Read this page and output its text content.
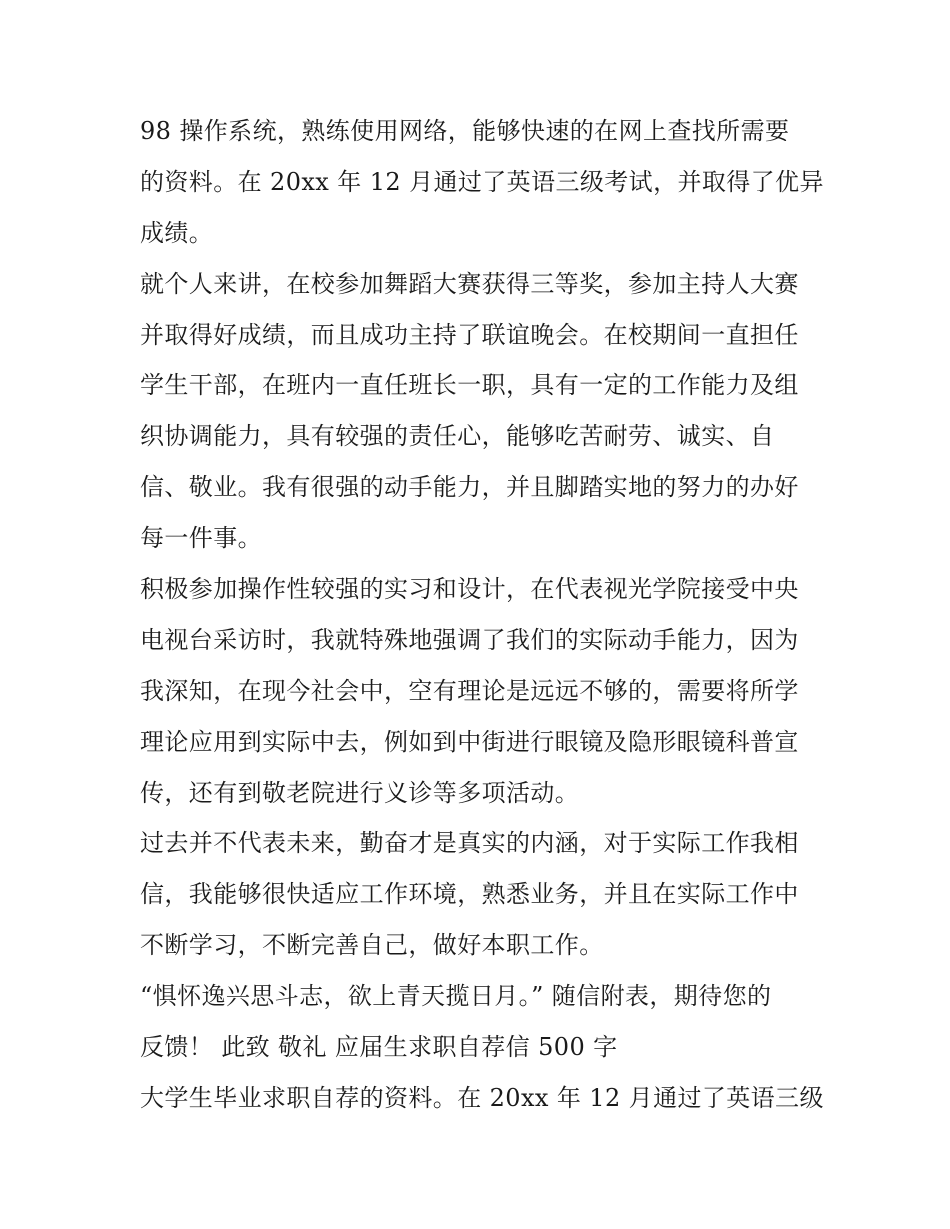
98 操作系统，熟练使用网络，能够快速的在网上查找所需要
的资料。在 20xx 年 12 月通过了英语三级考试，并取得了优异
成绩。
就个人来讲，在校参加舞蹈大赛获得三等奖，参加主持人大赛
并取得好成绩，而且成功主持了联谊晚会。在校期间一直担任
学生干部，在班内一直任班长一职，具有一定的工作能力及组
织协调能力，具有较强的责任心，能够吃苦耐劳、诚实、自
信、敬业。我有很强的动手能力，并且脚踏实地的努力的办好
每一件事。
积极参加操作性较强的实习和设计，在代表视光学院接受中央
电视台采访时，我就特殊地强调了我们的实际动手能力，因为
我深知，在现今社会中，空有理论是远远不够的，需要将所学
理论应用到实际中去，例如到中街进行眼镜及隐形眼镜科普宣
传，还有到敬老院进行义诊等多项活动。
过去并不代表未来，勤奋才是真实的内涵，对于实际工作我相
信，我能够很快适应工作环境，熟悉业务，并且在实际工作中
不断学习，不断完善自己，做好本职工作。
“惧怀逸兴思斗志，欲上青天揽日月。” 随信附表，期待您的
反馈！ 此致 敬礼 应届生求职自荐信 500 字
大学生毕业求职自荐的资料。在 20xx 年 12 月通过了英语三级
